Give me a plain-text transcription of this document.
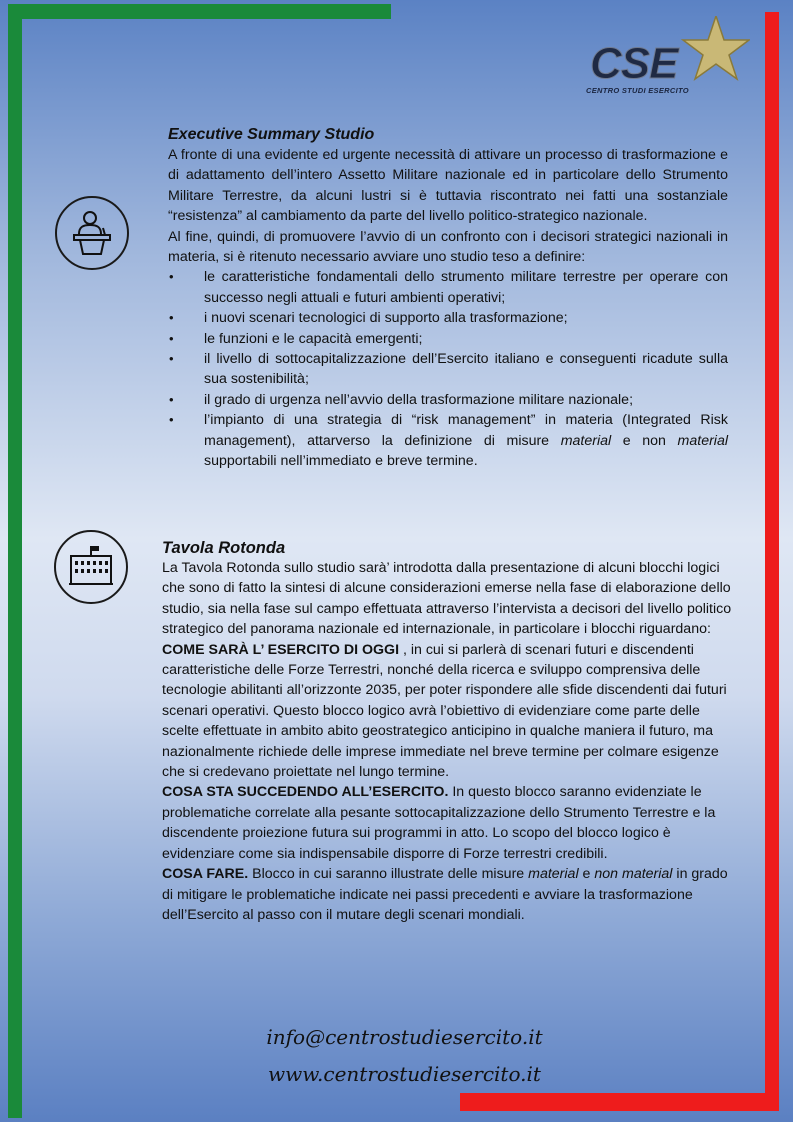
CSE
CENTRO STUDI ESERCITO
Executive Summary Studio
A fronte di una evidente ed urgente necessità di attivare un processo di trasformazione e di adattamento dell’intero Assetto Militare nazionale ed in particolare dello Strumento Militare Terrestre, da alcuni lustri si è tuttavia riscontrato nei fatti una sostanziale “resistenza” al cambiamento da parte del livello politico-strategico nazionale.
Al fine, quindi, di promuovere l’avvio di un confronto con i decisori strategici nazionali in materia, si è ritenuto necessario avviare uno studio teso a definire:
• le caratteristiche fondamentali dello strumento militare terrestre per operare con successo negli attuali e futuri ambienti operativi;
• i nuovi scenari tecnologici di supporto alla trasformazione;
• le funzioni e le capacità emergenti;
• il livello di sottocapitalizzazione dell’Esercito italiano e conseguenti ricadute sulla sua sostenibilità;
• il grado di urgenza nell’avvio della trasformazione militare nazionale;
• l’impianto di una strategia di “risk management” in materia (Integrated Risk management), attarverso la definizione di misure material e non material supportabili nell’immediato e breve termine.
Tavola Rotonda

La Tavola Rotonda sullo studio sarà’ introdotta dalla presentazione di alcuni blocchi logici che sono di fatto la sintesi di alcune considerazioni emerse nella fase di elaborazione dello studio, sia nella fase sul campo effettuata attraverso l’intervista a decisori del livello politico strategico del panorama nazionale ed internazionale, in particolare i blocchi riguardano:

COME SARÀ L’ ESERCITO DI OGGI , in cui si parlerà di scenari futuri e discendenti caratteristiche delle Forze Terrestri, nonché della ricerca e sviluppo comprensiva delle tecnologie abilitanti all’orizzonte 2035, per poter rispondere alle sfide discendenti dai futuri scenari operativi. Questo blocco logico avrà l’obiettivo di evidenziare come parte delle scelte effettuate in ambito abito geostrategico anticipino in qualche maniera il futuro, ma nazionalmente richiede delle imprese immediate nel breve termine per colmare esigenze che si credevano proiettate nel lungo termine.

COSA STA SUCCEDENDO ALL’ESERCITO. In questo blocco saranno evidenziate le problematiche correlate alla pesante sottocapitalizzazione dello Strumento Terrestre e la discendente proiezione futura sui programmi in atto. Lo scopo del blocco logico è evidenziare come sia indispensabile disporre di Forze terrestri credibili.

COSA FARE. Blocco in cui saranno illustrate delle misure material e non material in grado di mitigare le problematiche indicate nei passi precedenti e avviare la trasformazione dell’Esercito al passo con il mutare degli scenari mondiali.

info@centrostudiesercito.it
www.centrostudiesercito.it
